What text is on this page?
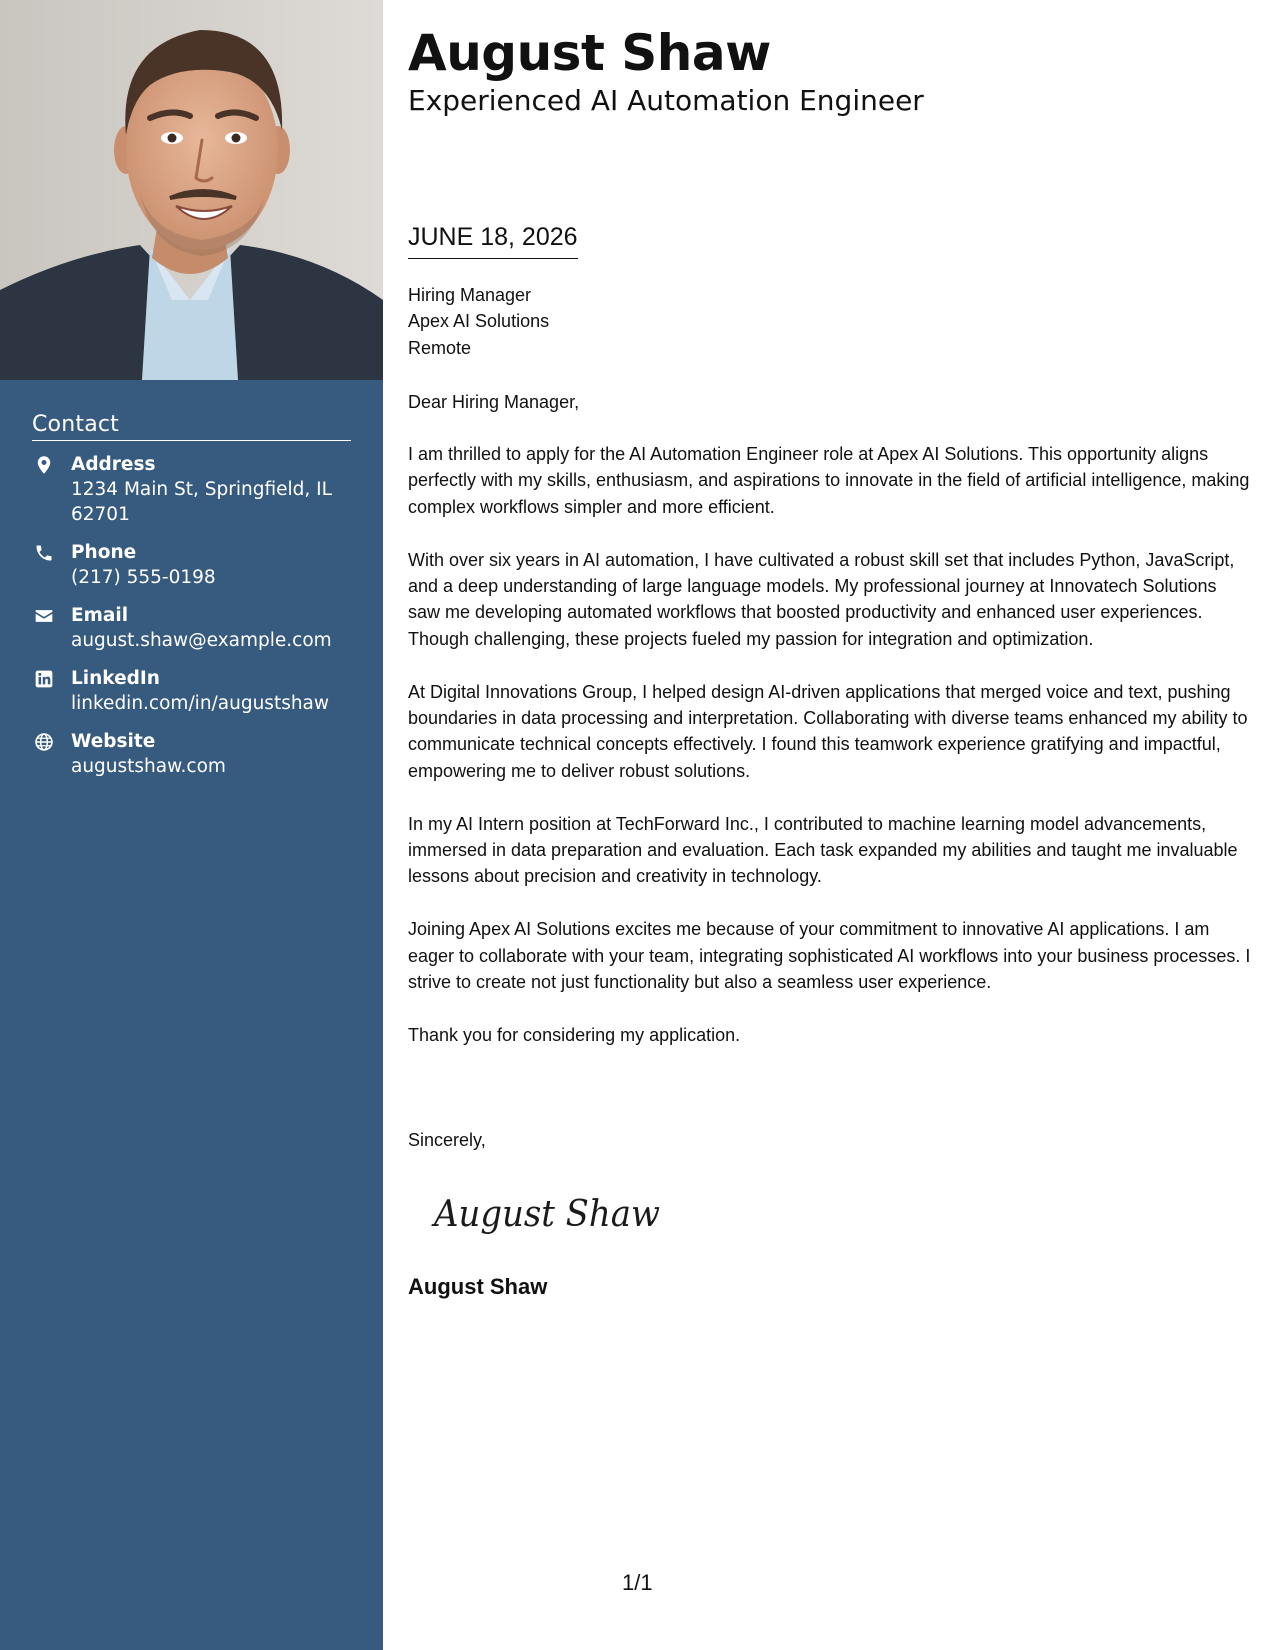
Contact
Address
1234 Main St, Springfield, IL
62701
Phone
(217) 555-0198
Email
august.shaw@example.com
LinkedIn
linkedin.com/in/augustshaw
Website
augustshaw.com
August Shaw
Experienced AI Automation Engineer
JUNE 18, 2026
Hiring Manager
Apex AI Solutions
Remote
Dear Hiring Manager,

I am thrilled to apply for the AI Automation Engineer role at Apex AI Solutions. This opportunity aligns perfectly with my skills, enthusiasm, and aspirations to innovate in the field of artificial intelligence, making complex workflows simpler and more efficient.

With over six years in AI automation, I have cultivated a robust skill set that includes Python, JavaScript, and a deep understanding of large language models. My professional journey at Innovatech Solutions saw me developing automated workflows that boosted productivity and enhanced user experiences. Though challenging, these projects fueled my passion for integration and optimization.

At Digital Innovations Group, I helped design AI-driven applications that merged voice and text, pushing boundaries in data processing and interpretation. Collaborating with diverse teams enhanced my ability to communicate technical concepts effectively. I found this teamwork experience gratifying and impactful, empowering me to deliver robust solutions.

In my AI Intern position at TechForward Inc., I contributed to machine learning model advancements, immersed in data preparation and evaluation. Each task expanded my abilities and taught me invaluable lessons about precision and creativity in technology.

Joining Apex AI Solutions excites me because of your commitment to innovative AI applications. I am eager to collaborate with your team, integrating sophisticated AI workflows into your business processes. I strive to create not just functionality but also a seamless user experience.

Thank you for considering my application.

Sincerely,
August Shaw
August Shaw
1/1
